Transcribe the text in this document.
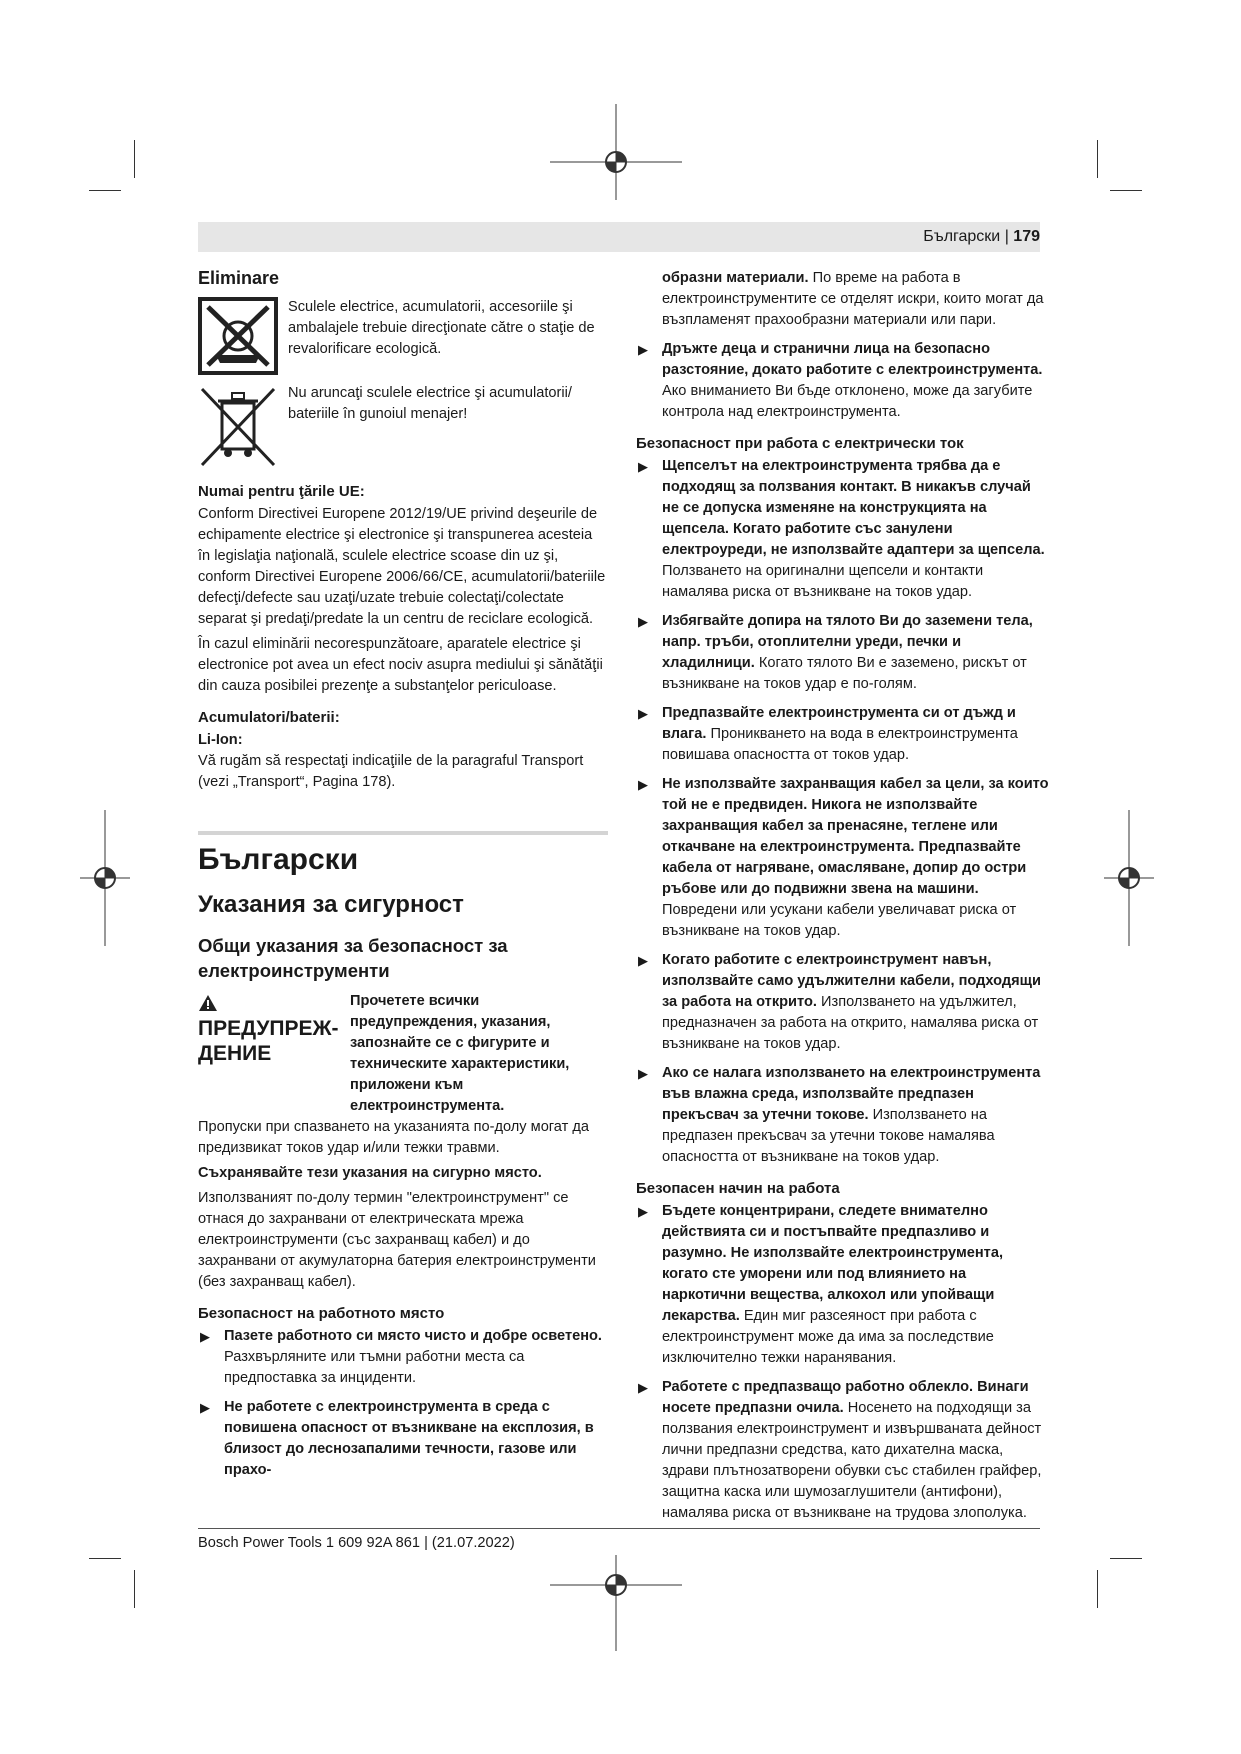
Български | 179
Eliminare
Sculele electrice, acumulatorii, accesoriile şi ambalajele trebuie direcţionate către o staţie de revalorificare ecologică.
Nu aruncaţi sculele electrice şi acumulatorii/ bateriile în gunoiul menajer!
Numai pentru ţările UE:
Conform Directivei Europene 2012/19/UE privind deşeurile de echipamente electrice şi electronice şi transpunerea acesteia în legislaţia naţională, sculele electrice scoase din uz şi, conform Directivei Europene 2006/66/CE, acumulatorii/bateriile defecţi/defecte sau uzaţi/uzate trebuie colectaţi/colectate separat şi predaţi/predate la un centru de reciclare ecologică.
În cazul eliminării necorespunzătoare, aparatele electrice şi electronice pot avea un efect nociv asupra mediului şi sănătăţii din cauza posibilei prezenţe a substanţelor periculoase.
Acumulatori/baterii:
Li-Ion:
Vă rugăm să respectaţi indicaţiile de la paragraful Transport (vezi „Transport“, Pagina 178).
Български
Указания за сигурност
Общи указания за безопасност за електроинструменти
ПРЕДУПРЕЖ-ДЕНИЕ
Прочетете всички предупреждения, указания, запознайте се с фигурите и техническите характеристики, приложени към електроинструмента.
Пропуски при спазването на указанията по-долу могат да предизвикат токов удар и/или тежки травми.
Съхранявайте тези указания на сигурно място.
Използваният по-долу термин "електроинструмент" се отнася до захранвани от електрическата мрежа електроинструменти (със захранващ кабел) и до захранвани от акумулаторна батерия електроинструменти (без захранващ кабел).
Безопасност на работното място
▶ Пазете работното си място чисто и добре осветено. Разхвърляните или тъмни работни места са предпоставка за инциденти.
▶ Не работете с електроинструмента в среда с повишена опасност от възникване на експлозия, в близост до леснозапалими течности, газове или прахо-
образни материали. По време на работа в електроинструментите се отделят искри, които могат да възпламенят прахообразни материали или пари.
▶ Дръжте деца и странични лица на безопасно разстояние, докато работите с електроинструмента. Ако вниманието Ви бъде отклонено, може да загубите контрола над електроинструмента.
Безопасност при работа с електрически ток
▶ Щепселът на електроинструмента трябва да е подходящ за ползвания контакт. В никакъв случай не се допуска изменяне на конструкцията на щепсела. Когато работите със занулени електроуреди, не използвайте адаптери за щепсела. Ползването на оригинални щепсели и контакти намалява риска от възникване на токов удар.
▶ Избягвайте допира на тялото Ви до заземени тела, напр. тръби, отоплителни уреди, печки и хладилници. Когато тялото Ви е заземено, рискът от възникване на токов удар е по-голям.
▶ Предпазвайте електроинструмента си от дъжд и влага. Проникването на вода в електроинструмента повишава опасността от токов удар.
▶ Не използвайте захранващия кабел за цели, за които той не е предвиден. Никога не използвайте захранващия кабел за пренасяне, теглене или откачване на електроинструмента. Предпазвайте кабела от нагряване, омасляване, допир до остри ръбове или до подвижни звена на машини. Повредени или усукани кабели увеличават риска от възникване на токов удар.
▶ Когато работите с електроинструмент навън, използвайте само удължителни кабели, подходящи за работа на открито. Използването на удължител, предназначен за работа на открито, намалява риска от възникване на токов удар.
▶ Ако се налага използването на електроинструмента във влажна среда, използвайте предпазен прекъсвач за утечни токове. Използването на предпазен прекъсвач за утечни токове намалява опасността от възникване на токов удар.
Безопасен начин на работа
▶ Бъдете концентрирани, следете внимателно действията си и постъпвайте предпазливо и разумно. Не използвайте електроинструмента, когато сте уморени или под влиянието на наркотични вещества, алкохол или упойващи лекарства. Един миг разсеяност при работа с електроинструмент може да има за последствие изключително тежки наранявания.
▶ Работете с предпазващо работно облекло. Винаги носете предпазни очила. Носенето на подходящи за ползвания електроинструмент и извършваната дейност лични предпазни средства, като дихателна маска, здрави плътнозатворени обувки със стабилен грайфер, защитна каска или шумозаглушители (антифони), намалява риска от възникване на трудова злополука.
Bosch Power Tools 1 609 92A 861 | (21.07.2022)
